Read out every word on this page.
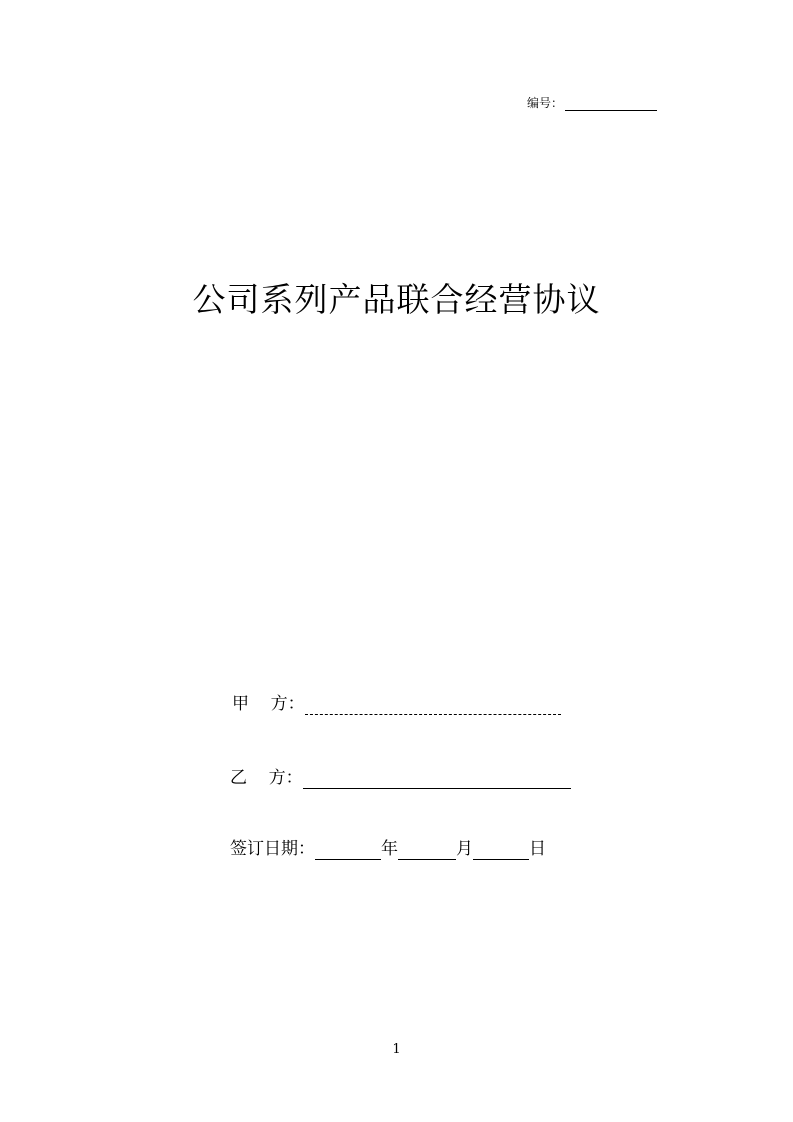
编号：
公司系列产品联合经营协议
甲    方：
乙    方：
签订日期：	年	月	日
1
